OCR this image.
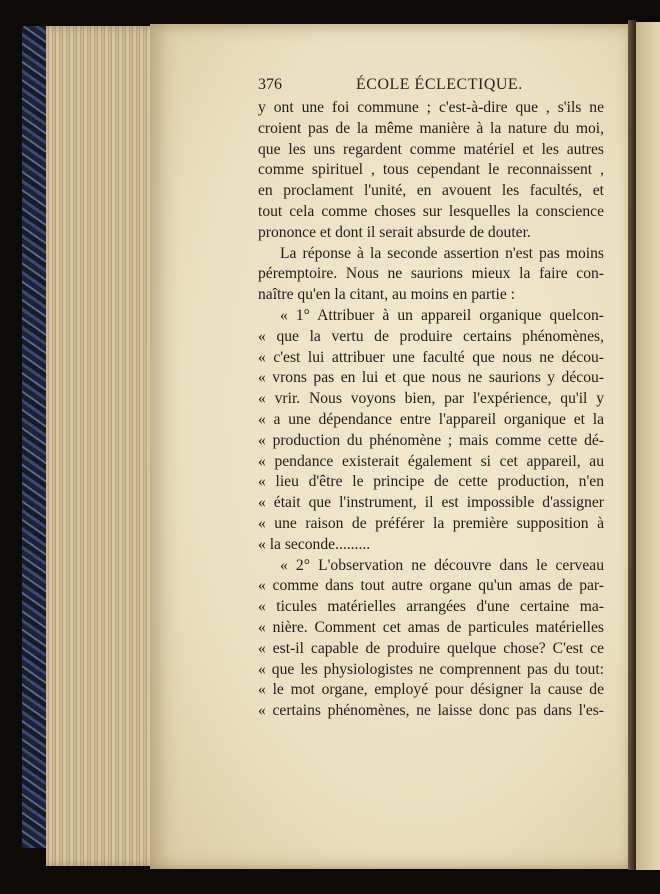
376	ÉCOLE ÉCLECTIQUE.
y ont une foi commune ; c'est-à-dire que , s'ils ne
croient pas de la même manière à la nature du moi,
que les uns regardent comme matériel et les autres
comme spirituel , tous cependant le reconnaissent ,
en proclament l'unité, en avouent les facultés, et
tout cela comme choses sur lesquelles la conscience
prononce et dont il serait absurde de douter.
La réponse à la seconde assertion n'est pas moins
péremptoire. Nous ne saurions mieux la faire con-
naître qu'en la citant, au moins en partie :
« 1° Attribuer à un appareil organique quelcon-
« que la vertu de produire certains phénomènes,
« c'est lui attribuer une faculté que nous ne décou-
« vrons pas en lui et que nous ne saurions y décou-
« vrir. Nous voyons bien, par l'expérience, qu'il y
« a une dépendance entre l'appareil organique et la
« production du phénomène ; mais comme cette dé-
« pendance existerait également si cet appareil, au
« lieu d'être le principe de cette production, n'en
« était que l'instrument, il est impossible d'assigner
« une raison de préférer la première supposition à
« la seconde.........
« 2° L'observation ne découvre dans le cerveau
« comme dans tout autre organe qu'un amas de par-
« ticules matérielles arrangées d'une certaine ma-
« nière. Comment cet amas de particules matérielles
« est-il capable de produire quelque chose? C'est ce
« que les physiologistes ne comprennent pas du tout:
« le mot organe, employé pour désigner la cause de
« certains phénomènes, ne laisse donc pas dans l'es-
